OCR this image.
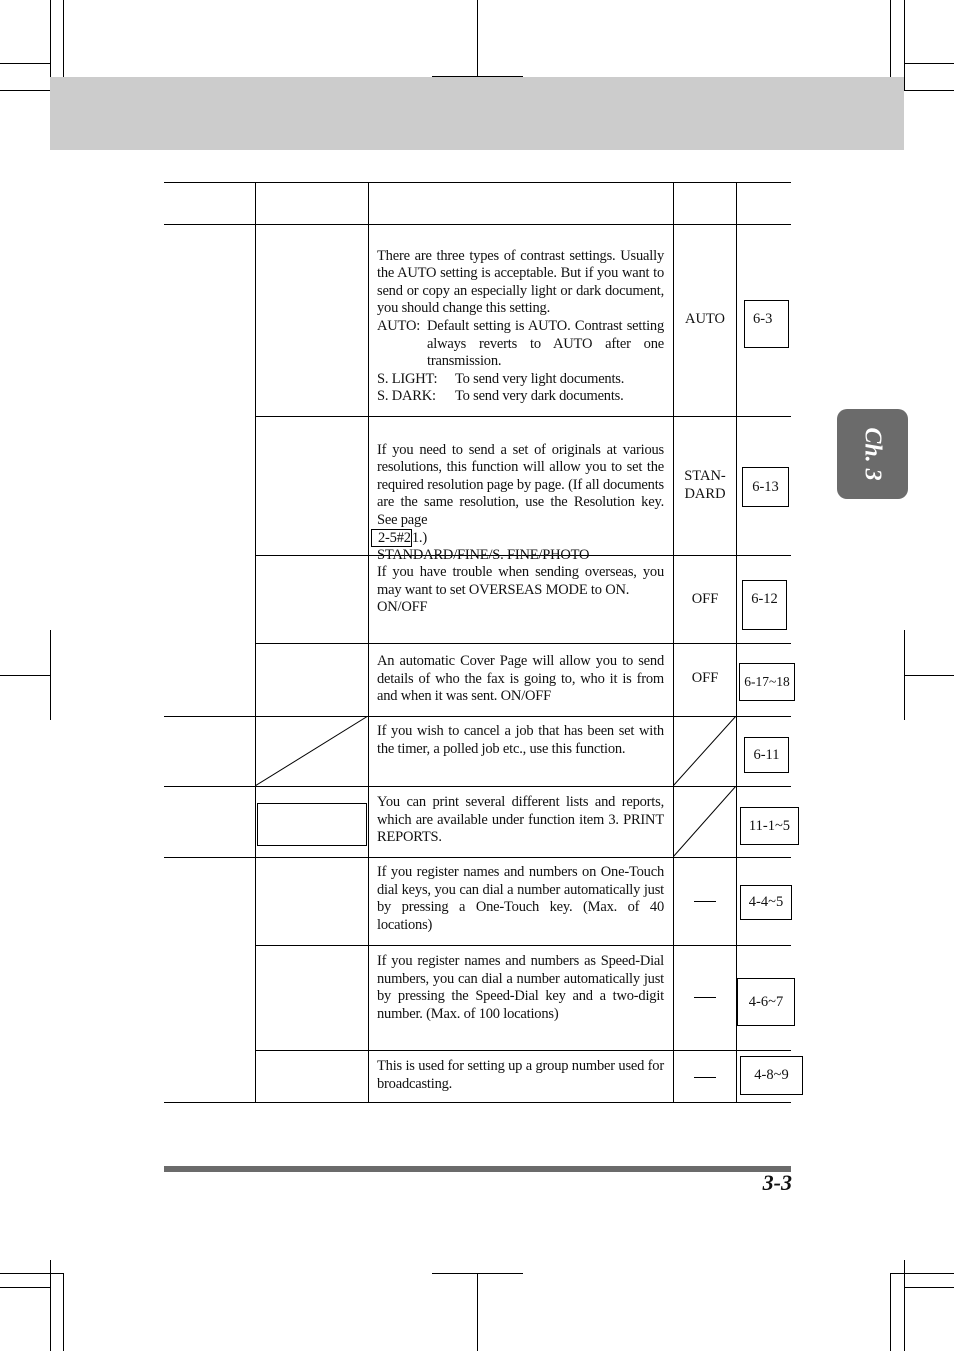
Ch. 3

There are three types of contrast settings. Usually the AUTO setting is acceptable. But if you want to send or copy an especially light or dark document, you should change this setting.

AUTO: Default setting is AUTO. Contrast setting always reverts to AUTO after one transmission.
S. LIGHT:	To send very light documents.
S. DARK:	To send very dark documents.
AUTO	6-3

If you need to send a set of originals at various resolutions, this function will allow you to set the required resolution page by page. (If all documents are the same resolution, use the Resolution key. See page
2-5#21.)

STANDARD/FINE/S. FINE/PHOTO

STAN-
DARD	6-13
If you have trouble when sending overseas, you may want to set OVERSEAS MODE to ON.
ON/OFF
OFF	6-12
An automatic Cover Page will allow you to send details of who the fax is going to, who it is from and when it was sent. ON/OFF
OFF	6-17~18
If you wish to cancel a job that has been set with the timer, a polled job etc., use this function.	6-11
You can print several different lists and reports, which are available under function item 3. PRINT REPORTS.
11-1~5
If you register names and numbers on One-Touch dial keys, you can dial a number automatically just by pressing a One-Touch key. (Max. of 40 locations)
4-4~5
If you register names and numbers as Speed-Dial numbers, you can dial a number automatically just by pressing the Speed-Dial key and a two-digit number. (Max. of 100 locations)
4-6~7
This is used for setting up a group number used for broadcasting.
4-8~9
3-3
